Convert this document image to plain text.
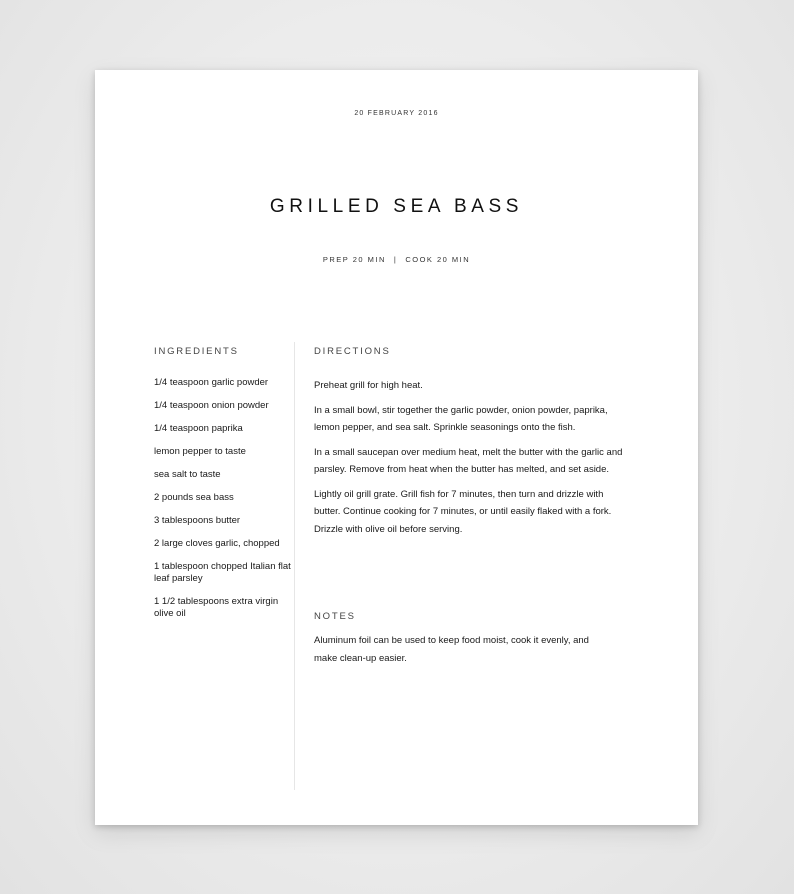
20 FEBRUARY 2016
GRILLED SEA BASS
PREP 20 MIN | COOK 20 MIN
INGREDIENTS
1/4 teaspoon garlic powder
1/4 teaspoon onion powder
1/4 teaspoon paprika
lemon pepper to taste
sea salt to taste
2 pounds sea bass
3 tablespoons butter
2 large cloves garlic, chopped
1 tablespoon chopped Italian flat leaf parsley
1 1/2 tablespoons extra virgin olive oil
DIRECTIONS

Preheat grill for high heat.

In a small bowl, stir together the garlic powder, onion powder, paprika, lemon pepper, and sea salt. Sprinkle seasonings onto the fish.

In a small saucepan over medium heat, melt the butter with the garlic and parsley. Remove from heat when the butter has melted, and set aside.

Lightly oil grill grate. Grill fish for 7 minutes, then turn and drizzle with butter. Continue cooking for 7 minutes, or until easily flaked with a fork. Drizzle with olive oil before serving.

NOTES

Aluminum foil can be used to keep food moist, cook it evenly, and make clean-up easier.
